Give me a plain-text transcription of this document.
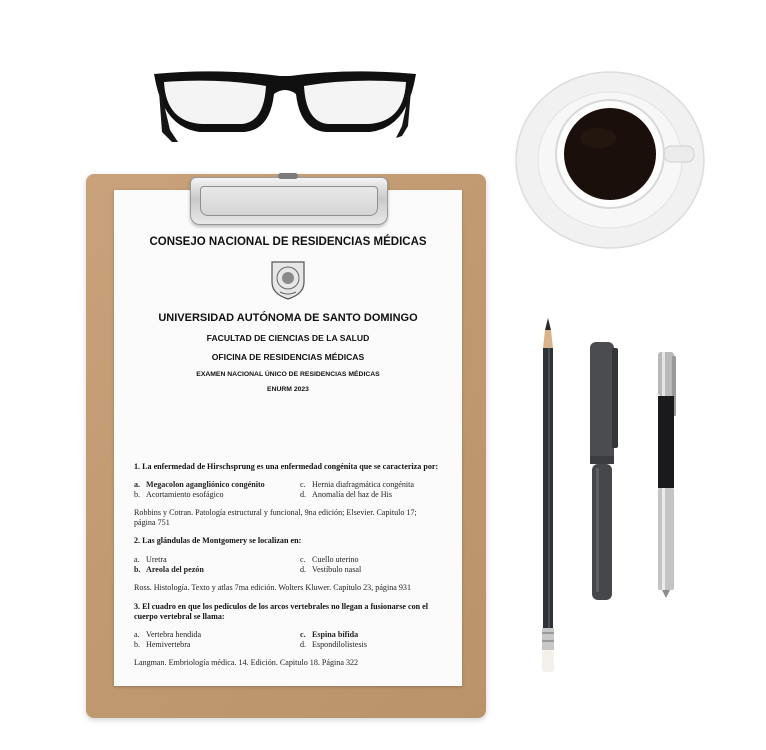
CONSEJO NACIONAL DE RESIDENCIAS MÉDICAS
UNIVERSIDAD AUTÓNOMA DE SANTO DOMINGO
FACULTAD DE CIENCIAS DE LA SALUD
OFICINA DE RESIDENCIAS MÉDICAS
EXAMEN NACIONAL ÚNICO DE RESIDENCIAS MÉDICAS
ENURM 2023
1. La enfermedad de Hirschsprung es una enfermedad congénita que se caracteriza por:
a. Megacolon agangliónico congénito
b. Acortamiento esofágico
c. Hernia diafragmática congénita
d. Anomalía del haz de His
Robbins y Cotran. Patología estructural y funcional, 9na edición; Elsevier. Capitulo 17; página 751
2. Las glándulas de Montgomery se localizan en:
a. Uretra
b. Areola del pezón
c. Cuello uterino
d. Vestíbulo nasal
Ross. Histología. Texto y atlas 7ma edición. Wolters Kluwer. Capítulo 23, página 931
3. El cuadro en que los pedículos de los arcos vertebrales no llegan a fusionarse con el cuerpo vertebral se llama:
a. Vertebra hendida
b. Hemivertebra
c. Espina bífida
d. Espondilolistesis
Langman. Embriología médica. 14. Edición. Capitulo 18. Página 322
